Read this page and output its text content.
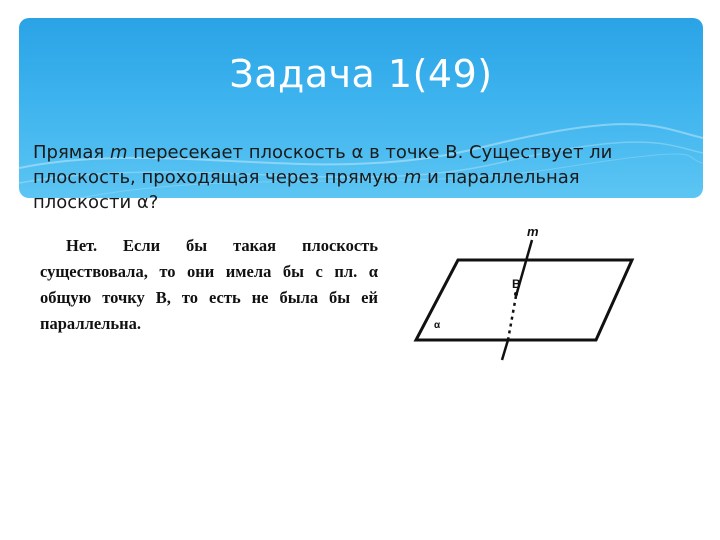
Задача 1(49)
Прямая m пересекает плоскость α в точке В. Существует ли плоскость, проходящая через прямую m и параллельная плоскости α?
Нет. Если бы такая плоскость существовала, то они имела бы с пл. α общую точку B, то есть не была бы ей параллельна.
m
B
α
